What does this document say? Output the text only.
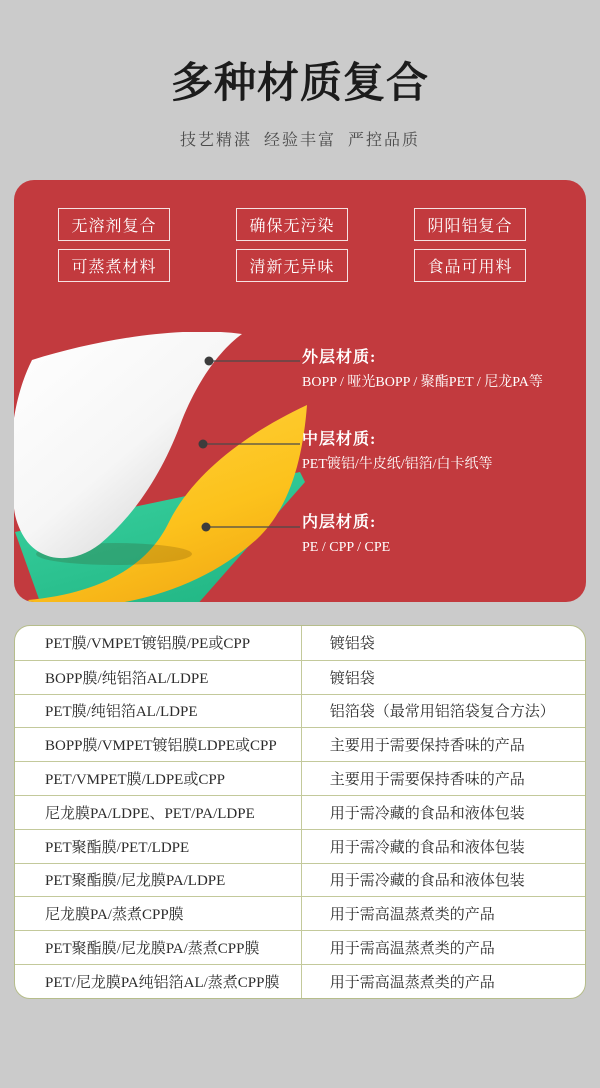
多种材质复合
技艺精湛  经验丰富  严控品质
无溶剂复合	确保无污染	阴阳铝复合
可蒸煮材料	清新无异味	食品可用料
外层材质:
BOPP / 哑光BOPP / 聚酯PET / 尼龙PA等
中层材质:
PET镀铝/牛皮纸/铝箔/白卡纸等
内层材质:
PE / CPP / CPE
PET膜/VMPET镀铝膜/PE或CPP	镀铝袋
BOPP膜/纯铝箔AL/LDPE	镀铝袋
PET膜/纯铝箔AL/LDPE	铝箔袋（最常用铝箔袋复合方法）
BOPP膜/VMPET镀铝膜LDPE或CPP	主要用于需要保持香味的产品
PET/VMPET膜/LDPE或CPP	主要用于需要保持香味的产品
尼龙膜PA/LDPE、PET/PA/LDPE	用于需冷藏的食品和液体包装
PET聚酯膜/PET/LDPE	用于需冷藏的食品和液体包装
PET聚酯膜/尼龙膜PA/LDPE	用于需冷藏的食品和液体包装
尼龙膜PA/蒸煮CPP膜	用于需高温蒸煮类的产品
PET聚酯膜/尼龙膜PA/蒸煮CPP膜	用于需高温蒸煮类的产品
PET/尼龙膜PA纯铝箔AL/蒸煮CPP膜	用于需高温蒸煮类的产品
